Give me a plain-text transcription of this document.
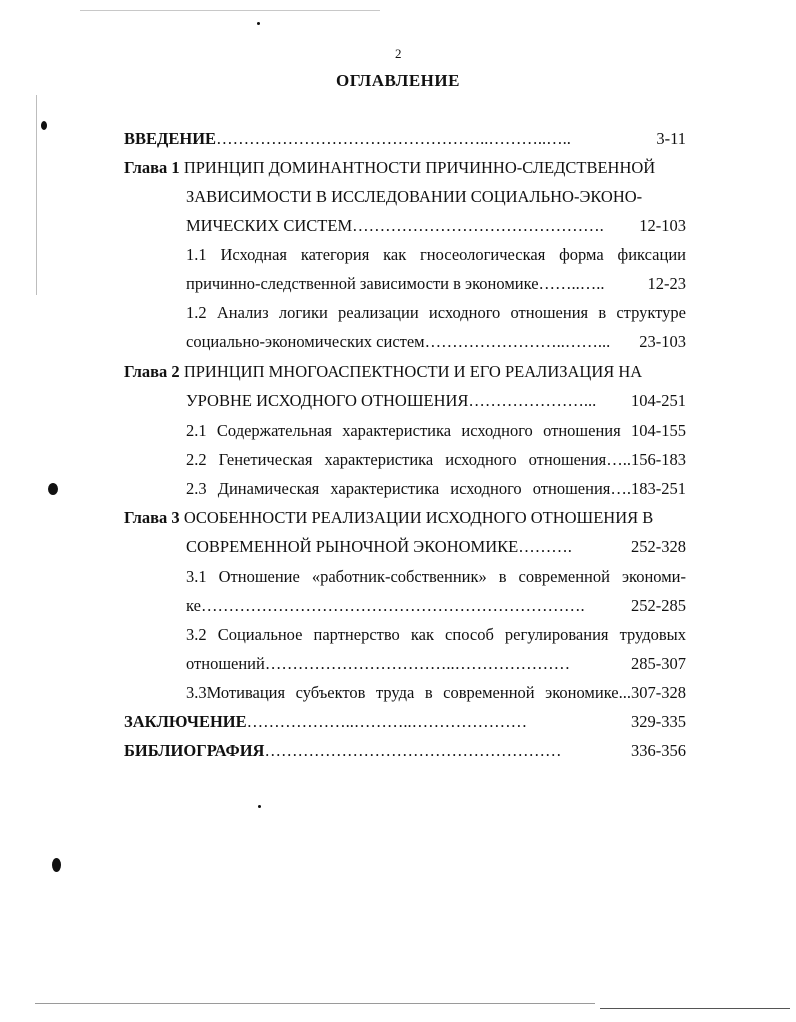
2
ОГЛАВЛЕНИЕ
ВВЕДЕНИЕ…………………………………………..………..…..	3-11
Глава 1 ПРИНЦИП ДОМИНАНТНОСТИ ПРИЧИННО-СЛЕДСТВЕННОЙ
ЗАВИСИМОСТИ В ИССЛЕДОВАНИИ СОЦИАЛЬНО-ЭКОНО-
МИЧЕСКИХ СИСТЕМ………………………………………. 12-103
1.1 Исходная категория как гносеологическая форма фиксации
причинно-следственной зависимости в экономике……..…..	12-23
1.2 Анализ логики реализации исходного отношения в структуре
социально-экономических систем……………………..……... 23-103
Глава 2 ПРИНЦИП МНОГОАСПЕКТНОСТИ И ЕГО РЕАЛИЗАЦИЯ НА
УРОВНЕ ИСХОДНОГО ОТНОШЕНИЯ…………………... 104-251
2.1 Содержательная характеристика исходного отношения 104-155
2.2 Генетическая характеристика исходного отношения…..156-183
2.3 Динамическая характеристика исходного отношения….183-251
Глава 3 ОСОБЕННОСТИ РЕАЛИЗАЦИИ ИСХОДНОГО ОТНОШЕНИЯ В
СОВРЕМЕННОЙ РЫНОЧНОЙ ЭКОНОМИКЕ……….	252-328
3.1 Отношение «работник-собственник» в современной экономи-
ке…………………………………………………………….	252-285
3.2 Социальное партнерство как способ регулирования трудовых
отношений……………………………..…………………	285-307
3.3Мотивация субъектов труда в современной экономике...307-328
ЗАКЛЮЧЕНИЕ………………..………..…………………	329-335
БИБЛИОГРАФИЯ………………………………………………	336-356
